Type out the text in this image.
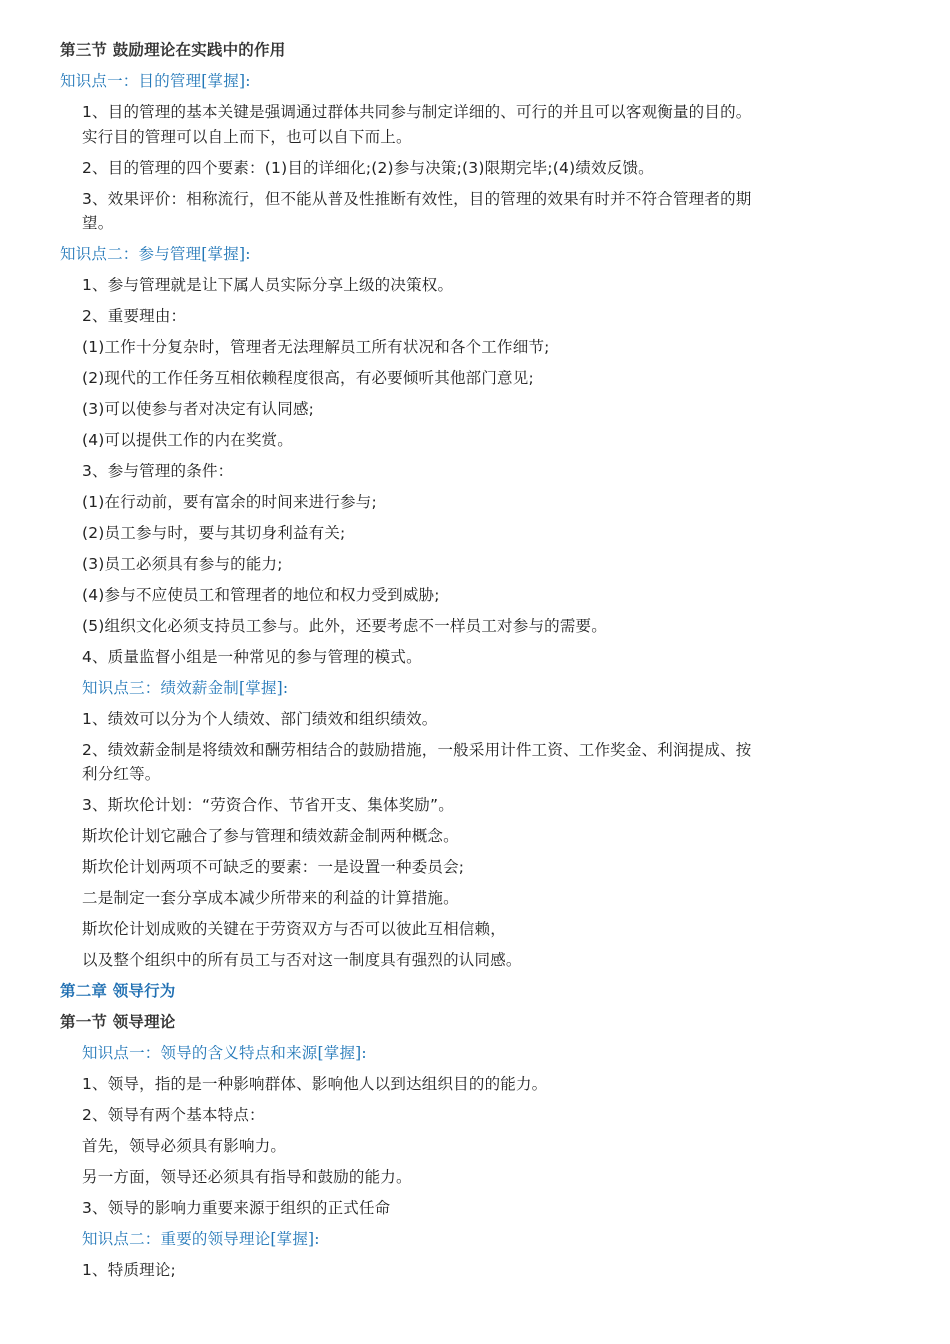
第三节 鼓励理论在实践中的作用
知识点一：目的管理[掌握]:
1、目的管理的基本关键是强调通过群体共同参与制定详细的、可行的并且可以客观衡量的目的。
实行目的管理可以自上而下，也可以自下而上。
2、目的管理的四个要素：(1)目的详细化;(2)参与决策;(3)限期完毕;(4)绩效反馈。
3、效果评价：相称流行，但不能从普及性推断有效性，目的管理的效果有时并不符合管理者的期
望。
知识点二：参与管理[掌握]:
1、参与管理就是让下属人员实际分享上级的决策权。
2、重要理由：
(1)工作十分复杂时，管理者无法理解员工所有状况和各个工作细节;
(2)现代的工作任务互相依赖程度很高，有必要倾听其他部门意见;
(3)可以使参与者对决定有认同感;
(4)可以提供工作的内在奖赏。
3、参与管理的条件：
(1)在行动前，要有富余的时间来进行参与;
(2)员工参与时，要与其切身利益有关;
(3)员工必须具有参与的能力;
(4)参与不应使员工和管理者的地位和权力受到威胁;
(5)组织文化必须支持员工参与。此外，还要考虑不一样员工对参与的需要。
4、质量监督小组是一种常见的参与管理的模式。
知识点三：绩效薪金制[掌握]:
1、绩效可以分为个人绩效、部门绩效和组织绩效。
2、绩效薪金制是将绩效和酬劳相结合的鼓励措施，一般采用计件工资、工作奖金、利润提成、按
利分红等。
3、斯坎伦计划：“劳资合作、节省开支、集体奖励”。
斯坎伦计划它融合了参与管理和绩效薪金制两种概念。
斯坎伦计划两项不可缺乏的要素：一是设置一种委员会;
二是制定一套分享成本减少所带来的利益的计算措施。
斯坎伦计划成败的关键在于劳资双方与否可以彼此互相信赖，
以及整个组织中的所有员工与否对这一制度具有强烈的认同感。
第二章 领导行为
第一节 领导理论
知识点一：领导的含义特点和来源[掌握]:
1、领导，指的是一种影响群体、影响他人以到达组织目的的能力。
2、领导有两个基本特点：
首先，领导必须具有影响力。
另一方面，领导还必须具有指导和鼓励的能力。
3、领导的影响力重要来源于组织的正式任命
知识点二：重要的领导理论[掌握]:
1、特质理论;
